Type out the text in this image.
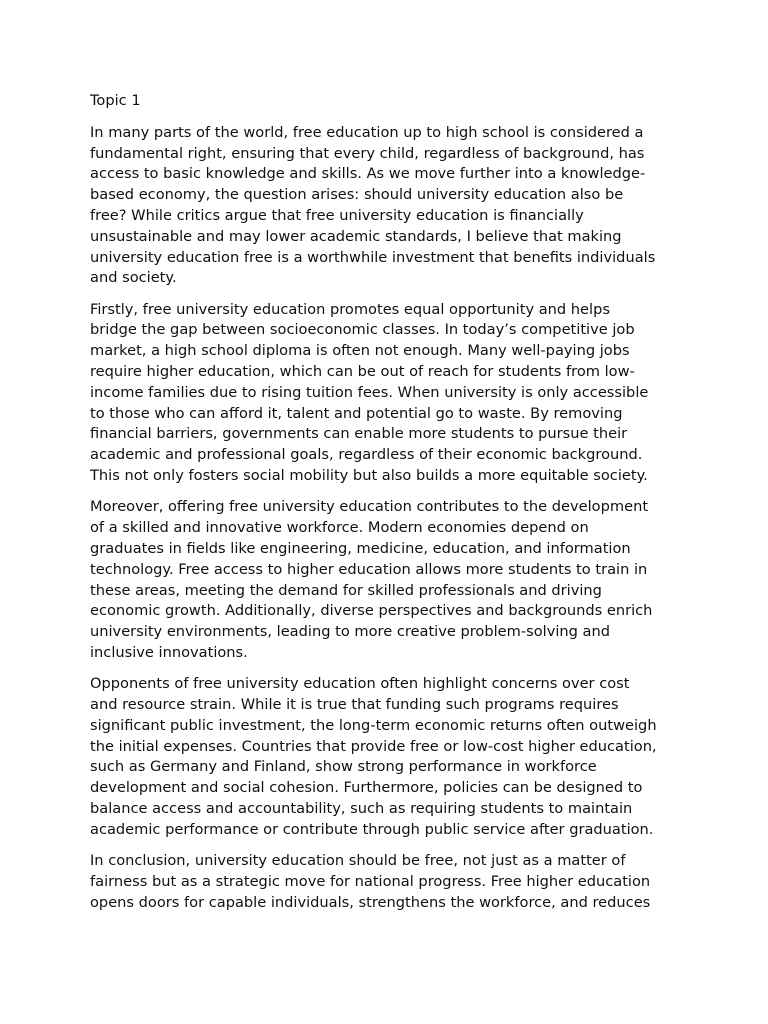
Topic 1

In many parts of the world, free education up to high school is considered a
fundamental right, ensuring that every child, regardless of background, has
access to basic knowledge and skills. As we move further into a knowledge-
based economy, the question arises: should university education also be
free? While critics argue that free university education is financially
unsustainable and may lower academic standards, I believe that making
university education free is a worthwhile investment that benefits individuals
and society.

Firstly, free university education promotes equal opportunity and helps
bridge the gap between socioeconomic classes. In today’s competitive job
market, a high school diploma is often not enough. Many well-paying jobs
require higher education, which can be out of reach for students from low-
income families due to rising tuition fees. When university is only accessible
to those who can afford it, talent and potential go to waste. By removing
financial barriers, governments can enable more students to pursue their
academic and professional goals, regardless of their economic background.
This not only fosters social mobility but also builds a more equitable society.

Moreover, offering free university education contributes to the development
of a skilled and innovative workforce. Modern economies depend on
graduates in fields like engineering, medicine, education, and information
technology. Free access to higher education allows more students to train in
these areas, meeting the demand for skilled professionals and driving
economic growth. Additionally, diverse perspectives and backgrounds enrich
university environments, leading to more creative problem-solving and
inclusive innovations.

Opponents of free university education often highlight concerns over cost
and resource strain. While it is true that funding such programs requires
significant public investment, the long-term economic returns often outweigh
the initial expenses. Countries that provide free or low-cost higher education,
such as Germany and Finland, show strong performance in workforce
development and social cohesion. Furthermore, policies can be designed to
balance access and accountability, such as requiring students to maintain
academic performance or contribute through public service after graduation.

In conclusion, university education should be free, not just as a matter of
fairness but as a strategic move for national progress. Free higher education
opens doors for capable individuals, strengthens the workforce, and reduces
